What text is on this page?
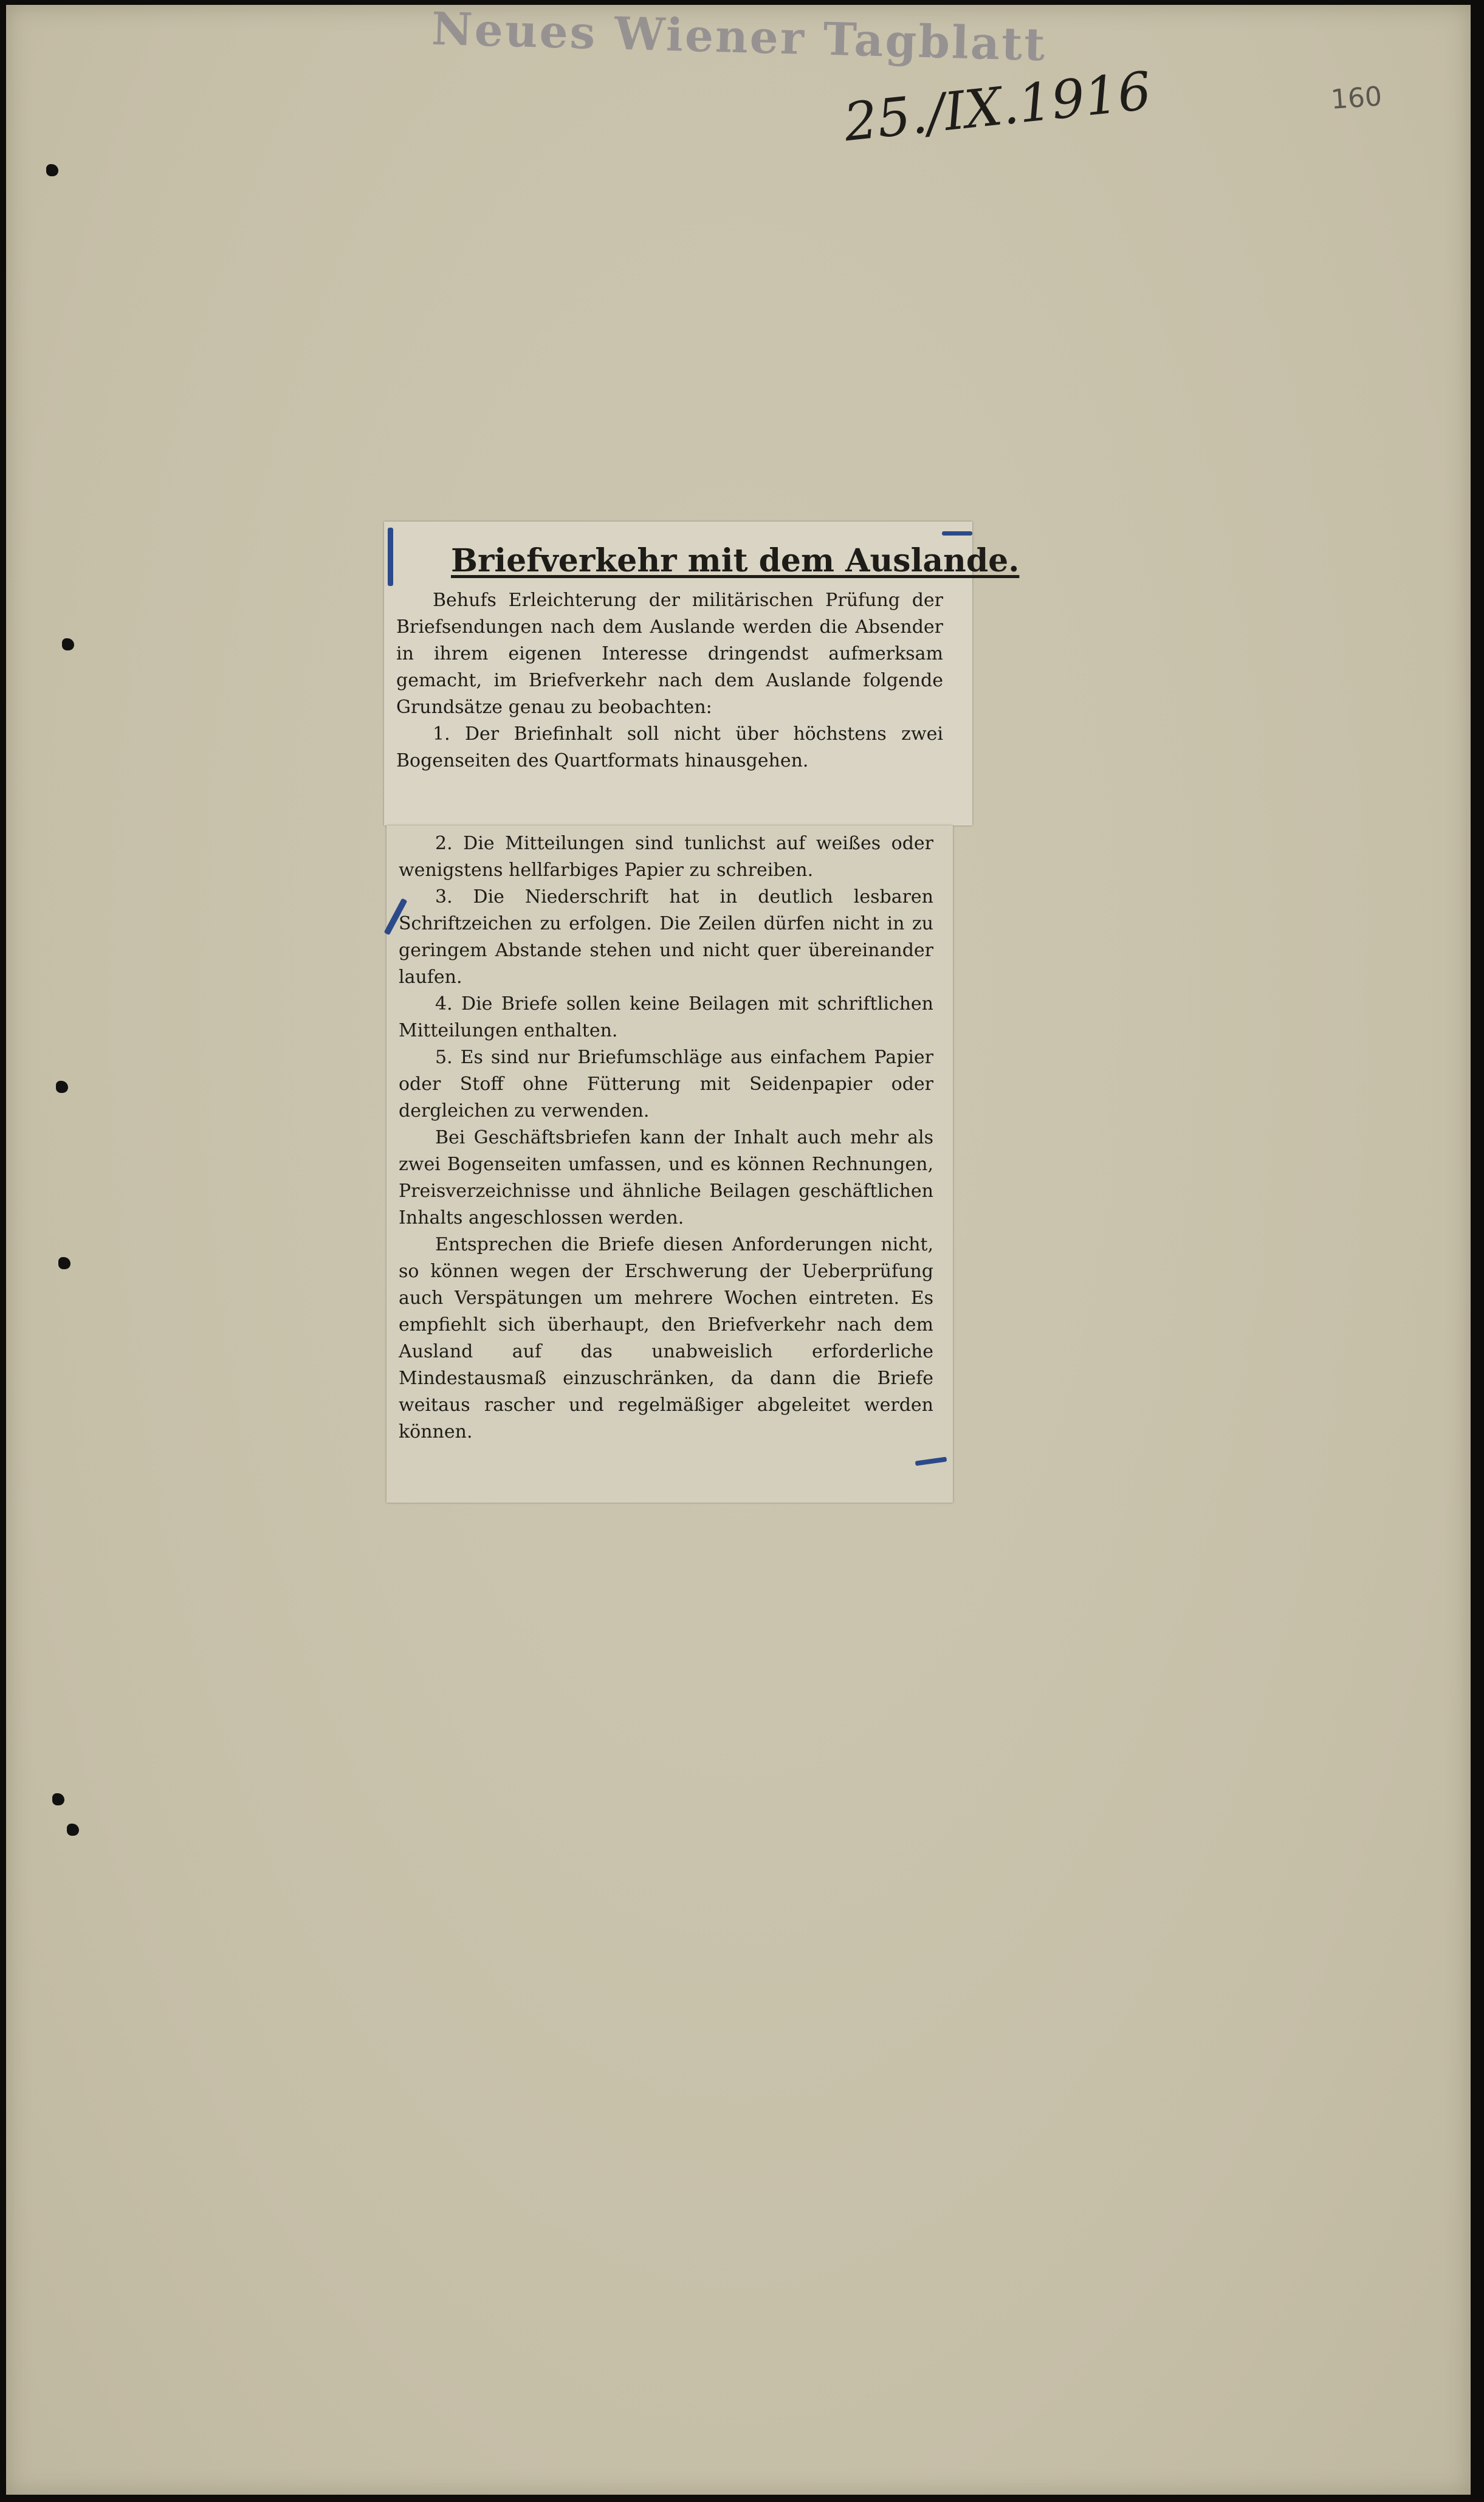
Neues Wiener Tagblatt
25./IX.1916	160
Briefverkehr mit dem Auslande.

Behufs Erleichterung der militärischen Prüfung der Briefsendungen nach dem Auslande werden die Absender in ihrem eigenen Interesse dringendst aufmerksam gemacht, im Briefverkehr nach dem Auslande folgende Grundsätze genau zu beobachten:

1. Der Briefinhalt soll nicht über höchstens zwei Bogenseiten des Quartformats hinausgehen.

2. Die Mitteilungen sind tunlichst auf weißes oder wenigstens hellfarbiges Papier zu schreiben.

3. Die Niederschrift hat in deutlich lesbaren Schriftzeichen zu erfolgen. Die Zeilen dürfen nicht in zu geringem Abstande stehen und nicht quer übereinander laufen.

4. Die Briefe sollen keine Beilagen mit schriftlichen Mitteilungen enthalten.

5. Es sind nur Briefumschläge aus einfachem Papier oder Stoff ohne Fütterung mit Seidenpapier oder dergleichen zu verwenden.

Bei Geschäftsbriefen kann der Inhalt auch mehr als zwei Bogenseiten umfassen, und es können Rechnungen, Preisverzeichnisse und ähnliche Beilagen geschäftlichen Inhalts angeschlossen werden.

Entsprechen die Briefe diesen Anforderungen nicht, so können wegen der Erschwerung der Ueberprüfung auch Verspätungen um mehrere Wochen eintreten. Es empfiehlt sich überhaupt, den Briefverkehr nach dem Ausland auf das unabweislich erforderliche Mindestausmaß einzuschränken, da dann die Briefe weitaus rascher und regelmäßiger abgeleitet werden können.
